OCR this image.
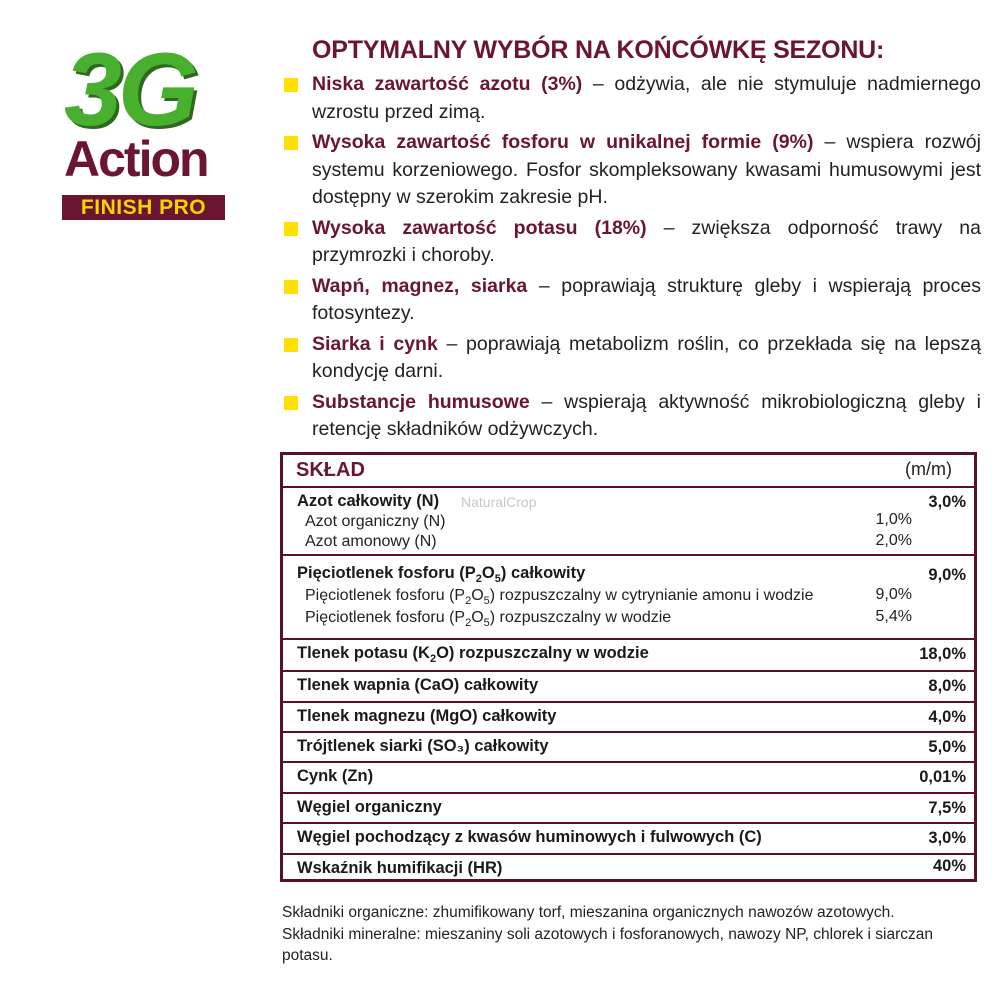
3G
Action
FINISH PRO
OPTYMALNY WYBÓR NA KOŃCÓWKĘ SEZONU:
Niska zawartość azotu (3%) – odżywia, ale nie stymuluje nadmiernego wzrostu przed zimą.
Wysoka zawartość fosforu w unikalnej formie (9%) – wspiera rozwój systemu korzeniowego. Fosfor skompleksowany kwasami humusowymi jest dostępny w szerokim zakresie pH.
Wysoka zawartość potasu (18%) – zwiększa odporność trawy na przymrozki i choroby.
Wapń, magnez, siarka – poprawiają strukturę gleby i wspierają proces fotosyntezy.
Siarka i cynk – poprawiają metabolizm roślin, co przekłada się na lepszą kondycję darni.
Substancje humusowe – wspierają aktywność mikrobiologiczną gleby i retencję składników odżywczych.
SKŁAD	(m/m)
Azot całkowity (N) NaturalCrop	3,0%
Azot organiczny (N)	1,0%
Azot amonowy (N)	2,0%
Pięciotlenek fosforu $(P_2O_5)$ całkowity	9,0%
Pięciotlenek fosforu $(P_2O_5)$ rozpuszczalny w cytrynianie amonu i wodzie	9,0%
Pięciotlenek fosforu $(P_2O_5)$ rozpuszczalny w wodzie	5,4%
Tlenek potasu $(K_2O)$ rozpuszczalny w wodzie	18,0%
Tlenek wapnia (CaO) całkowity	8,0%
Tlenek magnezu (MgO) całkowity	4,0%
Trójtlenek siarki (SO₃) całkowity	5,0%
Cynk (Zn)	0,01%
Węgiel organiczny	7,5%
Węgiel pochodzący z kwasów huminowych i fulwowych (C)	3,0%
Wskaźnik humifikacji (HR)	40%
Składniki organiczne: zhumifikowany torf, mieszanina organicznych nawozów azotowych.
Składniki mineralne: mieszaniny soli azotowych i fosforanowych, nawozy NP, chlorek i siarczan potasu.
